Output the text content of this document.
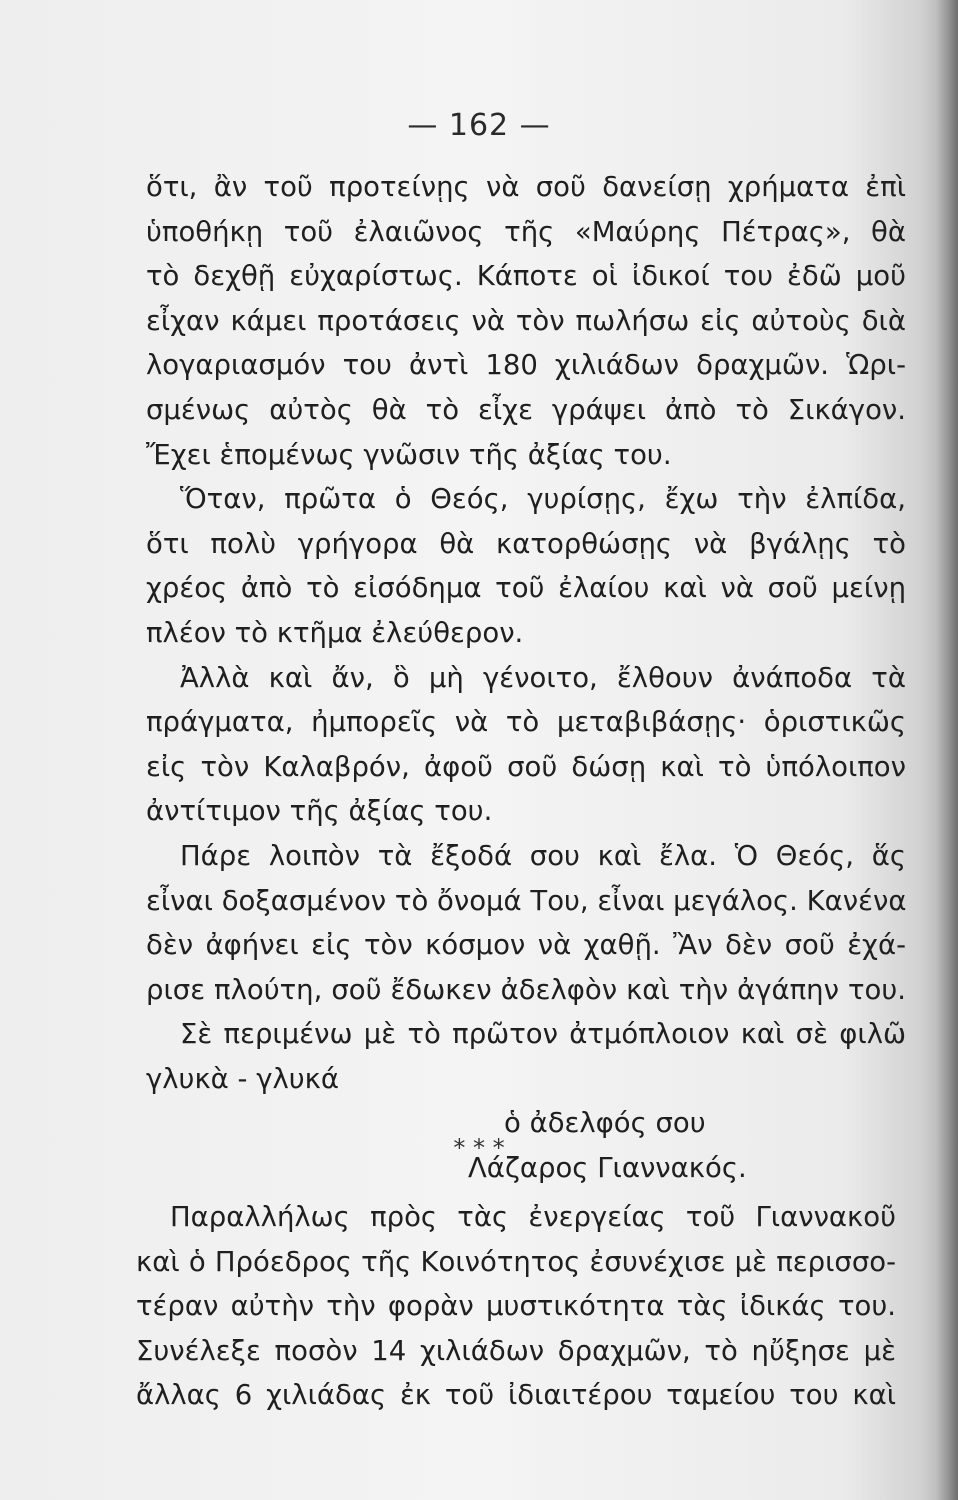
— 162 —
ὅτι, ἂν τοῦ προτείνῃς νὰ σοῦ δανείσῃ χρήματα ἐπὶ
ὑποθήκῃ τοῦ ἐλαιῶνος τῆς «Μαύρης Πέτρας», θὰ
τὸ δεχθῇ εὐχαρίστως. Κάποτε οἱ ἰδικοί του ἐδῶ μοῦ
εἶχαν κάμει προτάσεις νὰ τὸν πωλήσω εἰς αὐτοὺς διὰ
λογαριασμόν του ἀντὶ 180 χιλιάδων δραχμῶν. Ὡρι-
σμένως αὐτὸς θὰ τὸ εἶχε γράψει ἀπὸ τὸ Σικάγον.
Ἔχει ἑπομένως γνῶσιν τῆς ἀξίας του.
Ὅταν, πρῶτα ὁ Θεός, γυρίσῃς, ἔχω τὴν ἐλπίδα,
ὅτι πολὺ γρήγορα θὰ κατορθώσῃς νὰ βγάλῃς τὸ
χρέος ἀπὸ τὸ εἰσόδημα τοῦ ἐλαίου καὶ νὰ σοῦ μείνῃ
πλέον τὸ κτῆμα ἐλεύθερον.
Ἀλλὰ καὶ ἄν, ὃ μὴ γένοιτο, ἔλθουν ἀνάποδα τὰ
πράγματα, ἠμπορεῖς νὰ τὸ μεταβιβάσῃς· ὁριστικῶς
εἰς τὸν Καλαβρόν, ἀφοῦ σοῦ δώσῃ καὶ τὸ ὑπόλοιπον
ἀντίτιμον τῆς ἀξίας του.
Πάρε λοιπὸν τὰ ἔξοδά σου καὶ ἔλα. Ὁ Θεός, ἅς
εἶναι δοξασμένον τὸ ὄνομά Του, εἶναι μεγάλος. Κανένα
δὲν ἀφήνει εἰς τὸν κόσμον νὰ χαθῇ. Ἂν δὲν σοῦ ἐχά-
ρισε πλούτη, σοῦ ἔδωκεν ἀδελφὸν καὶ τὴν ἀγάπην του.
Σὲ περιμένω μὲ τὸ πρῶτον ἀτμόπλοιον καὶ σὲ φιλῶ
γλυκὰ - γλυκά
ὁ ἀδελφός σου
Λάζαρος Γιαννακός.
* * *
Παραλλήλως πρὸς τὰς ἐνεργείας τοῦ Γιαννακοῦ
καὶ ὁ Πρόεδρος τῆς Κοινότητος ἐσυνέχισε μὲ περισσο-
τέραν αὐτὴν τὴν φορὰν μυστικότητα τὰς ἰδικάς του.
Συνέλεξε ποσὸν 14 χιλιάδων δραχμῶν, τὸ ηὔξησε μὲ
ἄλλας 6 χιλιάδας ἐκ τοῦ ἰδιαιτέρου ταμείου του καὶ
